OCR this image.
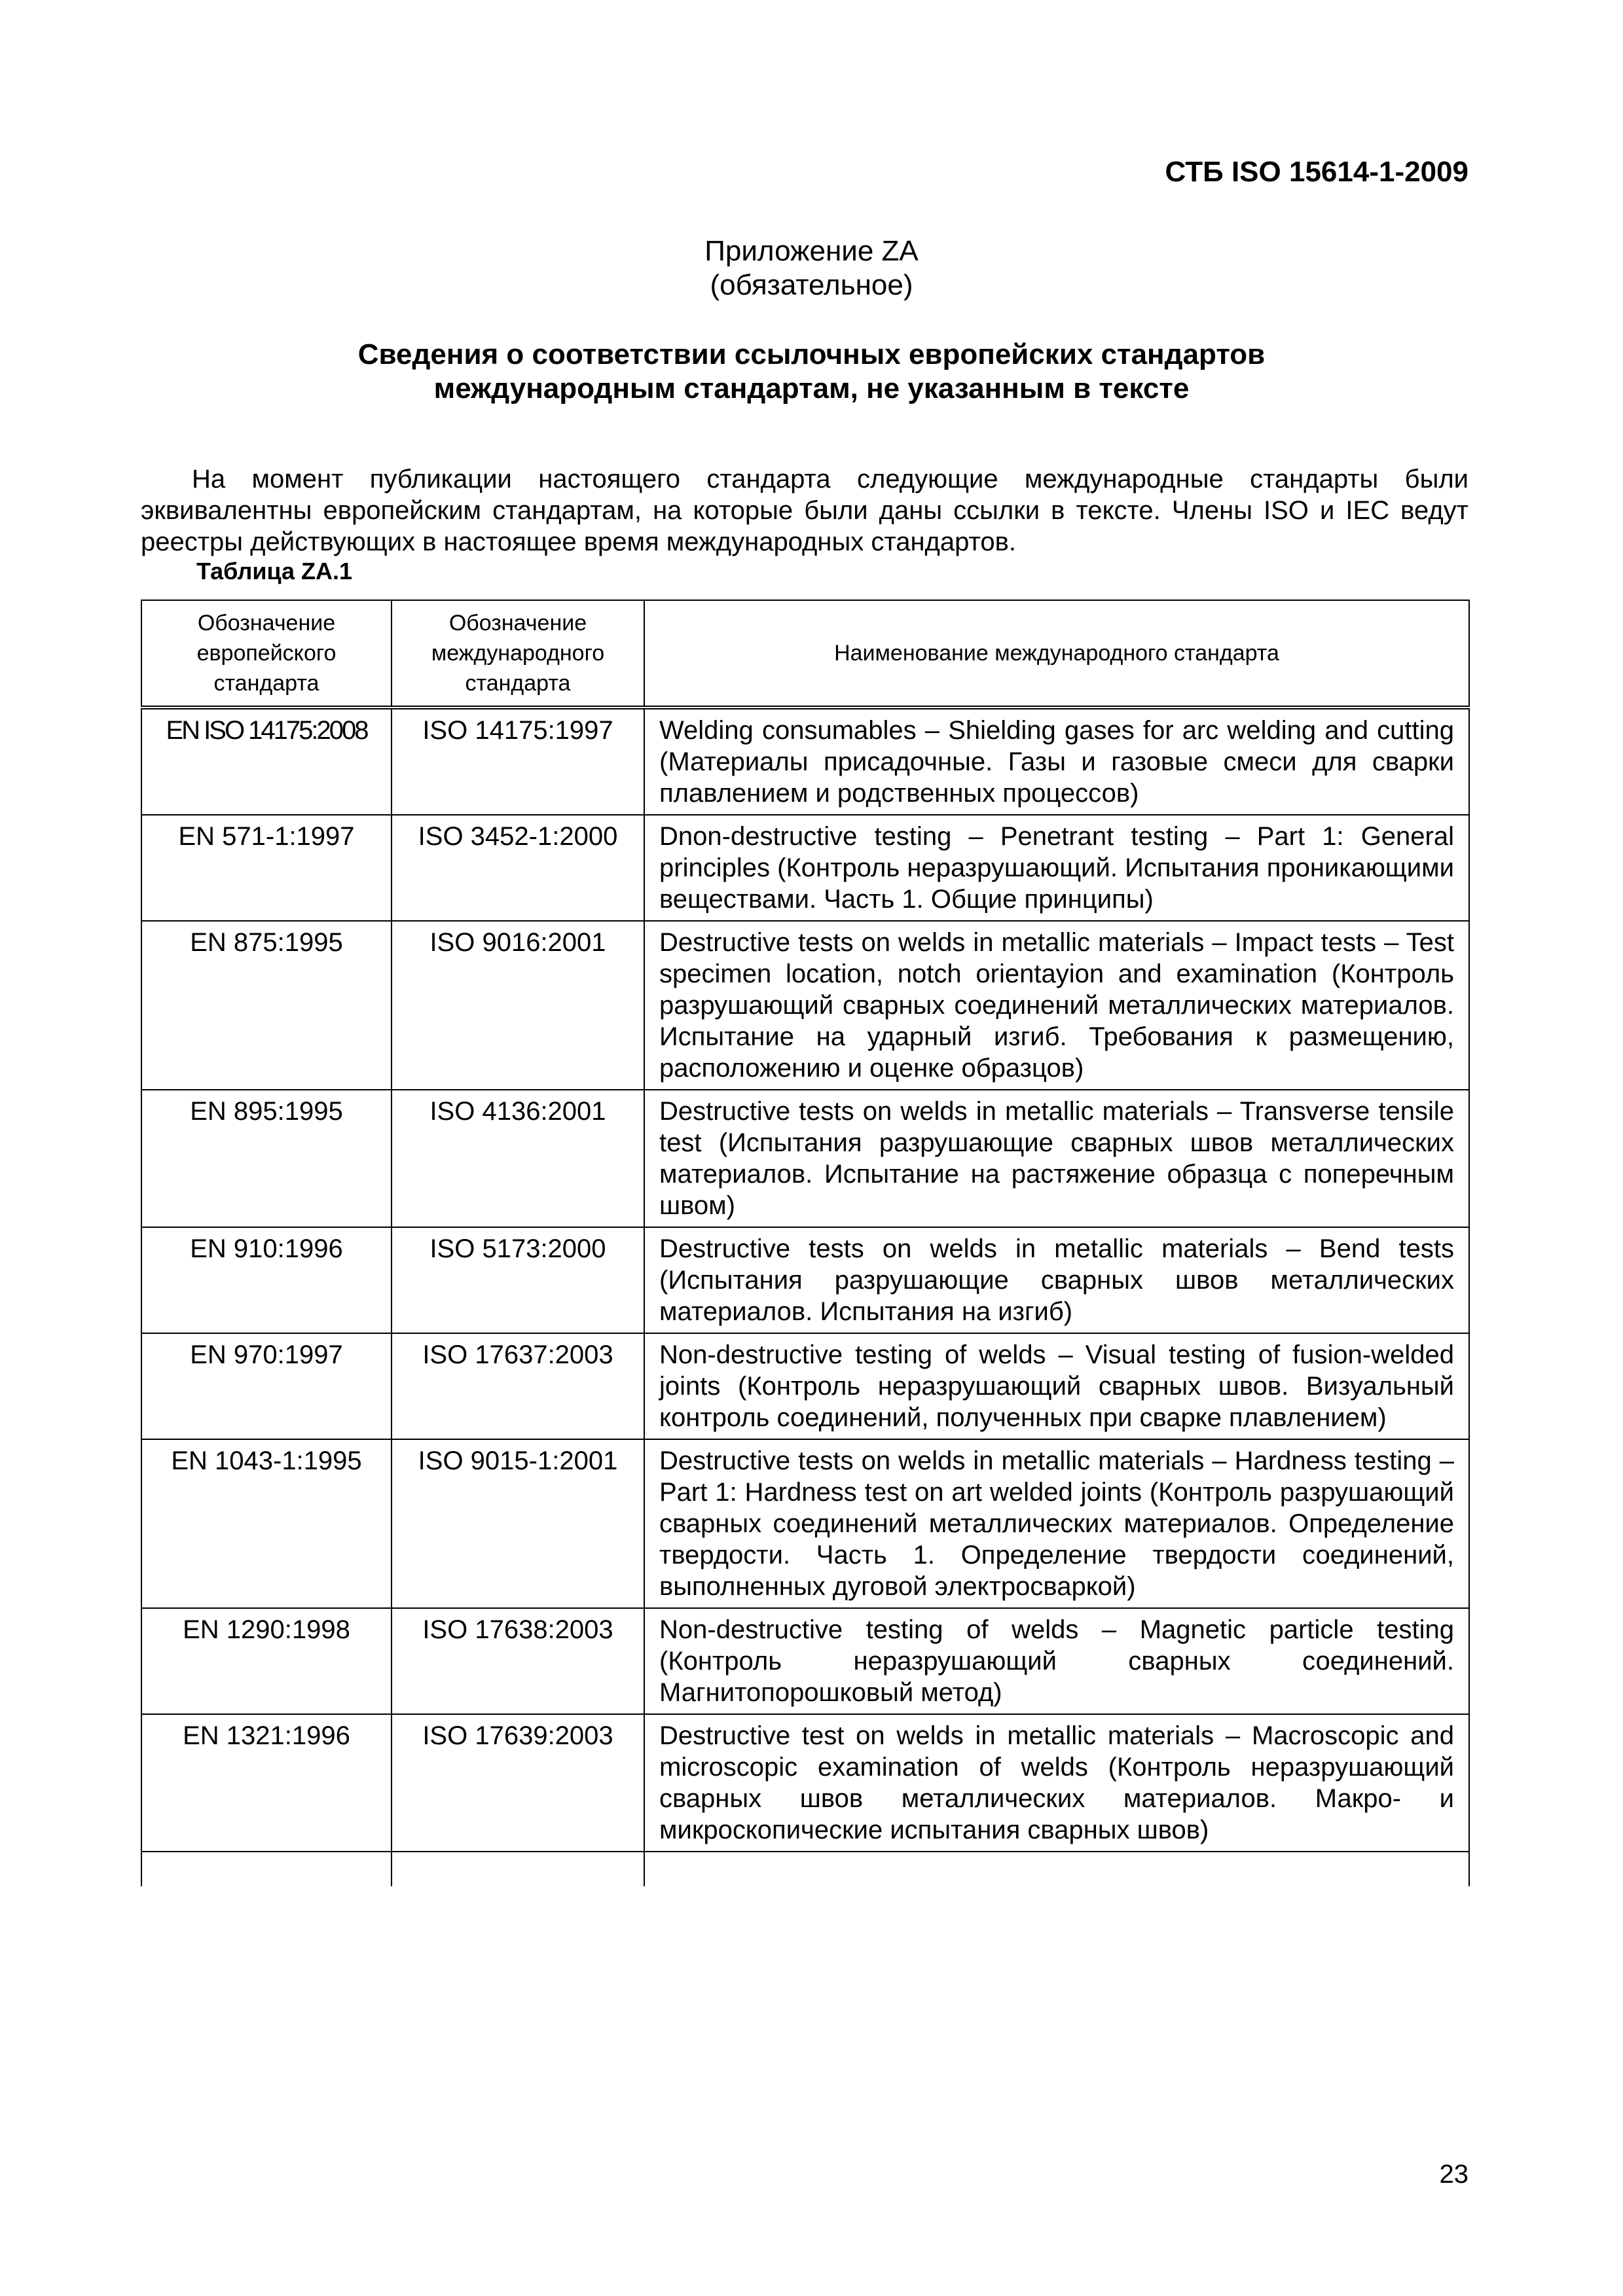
СТБ ISO 15614-1-2009
Приложение ZA
(обязательное)
Сведения о соответствии ссылочных европейских стандартов
международным стандартам, не указанным в тексте

На момент публикации настоящего стандарта следующие международные стандарты были эквивалентны европейским стандартам, на которые были даны ссылки в тексте. Члены ISO и IEC ведут реестры действующих в настоящее время международных стандартов.

Таблица ZA.1
Обозначение европейского стандарта	Обозначение международного стандарта	Наименование международного стандарта
EN ISO 14175:2008	ISO 14175:1997	Welding consumables – Shielding gases for arc welding and cutting (Материалы присадочные. Газы и газовые смеси для сварки плавлением и родственных процессов)
EN 571-1:1997	ISO 3452-1:2000	Dnon-destructive testing – Penetrant testing – Part 1: General principles (Контроль неразрушающий. Испытания проникающими веществами. Часть 1. Общие принципы)
EN 875:1995	ISO 9016:2001	Destructive tests on welds in metallic materials – Impact tests – Test specimen location, notch orientayion and examination (Контроль разрушающий сварных соединений металлических материалов. Испытание на ударный изгиб. Требования к размещению, расположению и оценке образцов)
EN 895:1995	ISO 4136:2001	Destructive tests on welds in metallic materials – Transverse tensile test (Испытания разрушающие сварных швов металлических материалов. Испытание на растяжение образца с поперечным швом)
EN 910:1996	ISO 5173:2000	Destructive tests on welds in metallic materials – Bend tests (Испытания разрушающие сварных швов металлических материалов. Испытания на изгиб)
EN 970:1997	ISO 17637:2003	Non-destructive testing of welds – Visual testing of fusion-welded joints (Контроль неразрушающий сварных швов. Визуальный контроль соединений, полученных при сварке плавлением)
EN 1043-1:1995	ISO 9015-1:2001	Destructive tests on welds in metallic materials – Hardness testing – Part 1: Hardness test on art welded joints (Контроль разрушающий сварных соединений металлических материалов. Определение твердости. Часть 1. Определение твердости соединений, выполненных дуговой электросваркой)
EN 1290:1998	ISO 17638:2003	Non-destructive testing of welds – Magnetic particle testing (Контроль неразрушающий сварных соединений. Магнитопорошковый метод)
EN 1321:1996	ISO 17639:2003	Destructive test on welds in metallic materials – Macroscopic and microscopic examination of welds (Контроль неразрушающий сварных швов металлических материалов. Макро- и микроскопические испытания сварных швов)

23
